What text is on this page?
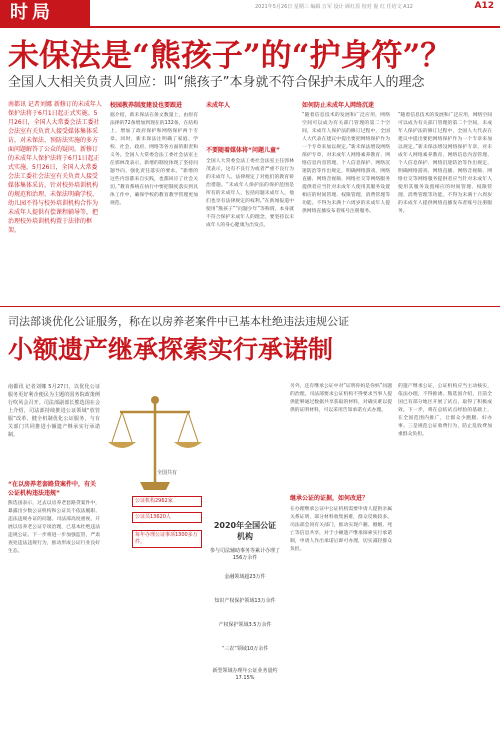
时局	2021年5月26日 星期三 编辑 万军 设计 顾红原 校对 倪 红 任培文 A12	A12
未保法是“熊孩子”的“护身符”？
全国人大相关负责人回应：叫“熊孩子”本身就不符合保护未成年人的理念
南都讯 记者刘娜 新修订的未成年人保护法将于6月1日起正式实施。5月26日，全国人大常委会法工委社会法室有关负责人接受媒体集体采访，对未保法、预防法实施的多方面问题解答了公众的疑问。新修订的未成年人保护法将于6月1日起正式实施，5月26日，全国人大常委会法工委社会法室有关负责人接受媒体集体采访，针对校外培训机构的规范和治理、未保法明确学校、幼儿园不得与校外培训机构合作为未成年人提供有偿课程辅导等，把治理校外培训机构置于法律的框架。
校园教养制度建设也要跟进
据介绍，新未保法在条文数量上，由原有法律的72条增加到现在的132条，在结构上，增加了政府保护和网络保护两个专章。同时，新未保法注明确了家庭、学校、社会、政府、网络等各方面的职责和义务。全国人大常委会法工委社会法室主任郭林茂表示，新增的制度体现了坚持问题导向、强化责任落实的要求。“新增的这些内容都来自实践，也都回应了社会关切。”教育系统在执行中要把制度落实到具体工作中，确保学校的教育教学管理更加规范。
未成年人
不要随着媒体将“问题儿童”
全国人大常委会法工委社会法室主任郭林茂表示，这有不良行为或者严重不良行为的未成年人。法律规定了对他们的教育矫治措施。“未成年人保护法的保护范围是所有的未成年人，包括问题未成年人，他们也享有法律规定的权利。”在新闻报道中使用“熊孩子”“问题少年”等称谓，本身就不符合保护未成年人的理念，要坚持以未成年人的身心健康为出发点。
如何防止未成年人网络沉迷
“随着信息技术的发展和广泛应用，网络空间可以成为有关部门管理的第二个空间，未成年人保护法的修订过程中，全国人大代表在建议中提出要把网络保护作为一个专章来加以规定。”新未保法增设网络保护专章，对未成年人网络素养教育、网络信息内容管理、个人信息保护、网络沉迷防治等作出规定，明确网络游戏、网络直播、网络音视频、网络社交等网络服务提供者应当针对未成年人使用其服务设置相应的时间管理、权限管理、消费管理等功能。不得为未满十六周岁的未成年人提供网络直播发布者账号注册服务。
“随着信息技术的发展和广泛应用，网络空间可以成为有关部门管理的第二个空间，未成年人保护法的修订过程中，全国人大代表在建议中提出要把网络保护作为一个专章来加以规定。”新未保法增设网络保护专章，对未成年人网络素养教育、网络信息内容管理、个人信息保护、网络沉迷防治等作出规定，明确网络游戏、网络直播、网络音视频、网络社交等网络服务提供者应当针对未成年人使用其服务设置相应的时间管理、权限管理、消费管理等功能。不得为未满十六周岁的未成年人提供网络直播发布者账号注册服务。
司法部谈优化公证服务，称在以房养老案件中已基本杜绝违法违规公证
小额遗产继承探索实行承诺制
南都讯 记者刘娜 5月27日，以优化公证服务更好利企便民为主题的国务院政策例行吹风会召开。司法部副部长熊选国在会上介绍，司法部持续推进公证领域“放管服”改革，健全机制优化公证服务，与有关部门共同推进小额遗产继承实行承诺制。
“在以房养老套路贷案件中，有关公证机构违法违规”
熊选国表示，过去以房养老套路贷案件中，暴露出少数公证机构和公证员不依法履职、违法违规办证的问题。司法部高度重视，开展以房养老公证专项治理，已基本杜绝违法违规公证。下一步将进一步加强监管，严肃查处违法违规行为，推动形成公证行业良好生态。
全国共有
公证机构2962家
公证员13620人
每年办理公证事项1300多万件。
2020年全国公证机构
参与司法辅助事务等累计办理了156万余件
金融领域超23万件
知识产权保护领域13万余件
产权保护领域3.5万余件
“三农”领域10万余件
新型领域办理年公证业务量约17.15%
另外，还有继承公证中对“证明你妈是你妈”问题的治理。司法部要求公证机构不得要求当事人提供能够通过数据共享获取的材料，对确实难以提供的证明材料，可以采用告知承诺方式办理。
继承公证的证据，如何改进？
在办理继承公证中公证机构需要申请人提供亲属关系证明，部分材料收集困难，群众反映较多。司法部会同有关部门，推动实现户籍、婚姻、死亡等信息共享，对于小额遗产继承探索实行承诺制，申请人作出承诺后即可办理，切实减轻群众负担。
的遗产继承公证，公证机构应当主动核实，依法办理，不得推诿。熊选国介绍，目前全国已有部分地区开展了试点，取得了积极成效。下一步，将在总结试点经验的基础上，在全国范围内推广，让群众少跑腿、好办事。三是规范公证收费行为，防止乱收费加重群众负担。
